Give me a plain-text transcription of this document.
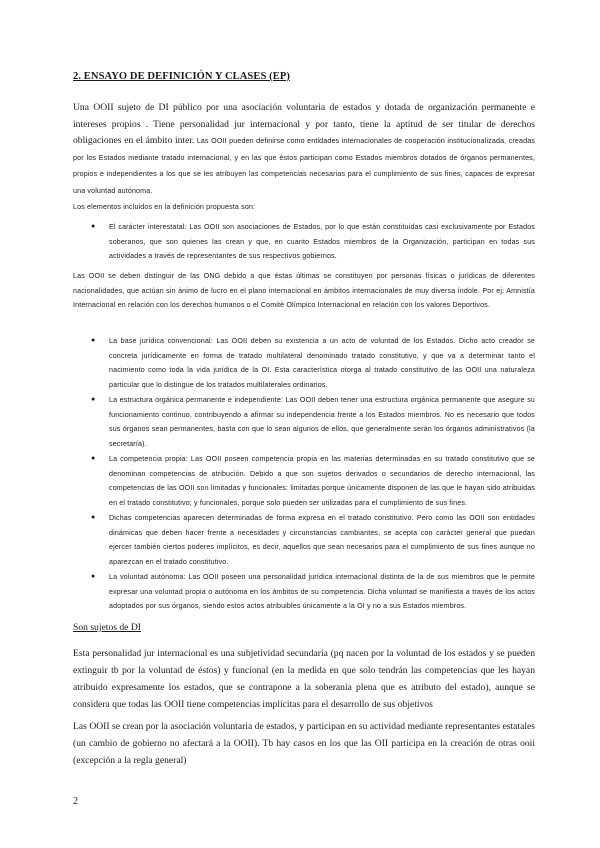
2. ENSAYO DE DEFINICIÓN Y CLASES (EP)

Una OOII sujeto de DI público por una asociación voluntaria de estados y dotada de organización permanente e intereses propios . Tiene personalidad jur internacional y por tanto, tiene la aptitud de ser titular de derechos obligaciones en el ámbito inter. Las OOII pueden definirse como entidades internacionales de cooperación institucionalizada, creadas por los Estados mediante tratado internacional, y en las que éstos participan como Estados miembros dotados de órganos permanentes, propios e independientes a los que se les atribuyen las competencias necesarias para el cumplimiento de sus fines, capaces de expresar una voluntad autónoma.

Los elementos incluidos en la definición propuesta son:

● El carácter interestatal: Las OOII son asociaciones de Estados, por lo que están constituidas casi exclusivamente por Estados soberanos, que son quienes las crean y que, en cuanto Estados miembros de la Organización, participan en todas sus actividades a través de representantes de sus respectivos gobiernos.

Las OOII se deben distinguir de las ONG debido a que éstas últimas se constituyen por personas físicas o jurídicas de diferentes nacionalidades, que actúan sin ánimo de lucro en el plano internacional en ámbitos internacionales de muy diversa índole. Por ej: Amnistía Internacional en relación con los derechos humanos o el Comité Olímpico Internacional en relación con los valores Deportivos.

● La base jurídica convencional: Las OOII deben su existencia a un acto de voluntad de los Estados. Dicho acto creador se concreta jurídicamente en forma de tratado multilateral denominado tratado constitutivo, y que va a determinar tanto el nacimiento como toda la vida jurídica de la OI. Esta característica otorga al tratado constitutivo de las OOII una naturaleza particular que lo distingue de los tratados multilaterales ordinarios.
● La estructura orgánica permanente e independiente: Las OOII deben tener una estructura orgánica permanente que asegure su funcionamiento continuo, contribuyendo a afirmar su independencia frente a los Estados miembros. No es necesario que todos sus órganos sean permanentes, basta con que lo sean algunos de ellos, que generalmente serán los órganos administrativos (la secretaría).
● La competencia propia: Las OOII poseen competencia propia en las materias determinadas en su tratado constitutivo que se denominan competencias de atribución. Debido a que son sujetos derivados o secundarios de derecho internacional, las competencias de las OOII son limitadas y funcionales: limitadas porque únicamente disponen de las que le hayan sido atribuidas en el tratado constitutivo; y funcionales, porque solo pueden ser utilizadas para el cumplimiento de sus fines.
● Dichas competencias aparecen determinadas de forma expresa en el tratado constitutivo. Pero como las OOII son entidades dinámicas que deben hacer frente a necesidades y circunstancias cambiantes, se acepta con carácter general que puedan ejercer también ciertos poderes implícitos, es decir, aquellos que sean necesarios para el cumplimiento de sus fines aunque no aparezcan en el tratado constitutivo.
● La voluntad autónoma: Las OOII poseen una personalidad jurídica internacional distinta de la de sus miembros que le permite expresar una voluntad propia o autónoma en los ámbitos de su competencia. Dicha voluntad se manifiesta a través de los actos adoptados por sus órganos, siendo estos actos atribuibles únicamente a la OI y no a sus Estados miembros.

Son sujetos de DI

Esta personalidad jur internacional es una subjetividad secundaria (pq nacen por la voluntad de los estados y se pueden extinguir tb por la voluntad de éstos) y funcional (en la medida en que solo tendrán las competencias que les hayan atribuido expresamente los estados, que se contrapone a la soberanía plena que es atributo del estado), aunque se considera que todas las OOII tiene competencias implícitas para el desarrollo de sus objetivos

Las OOII se crean por la asociación voluntaria de estados, y participan en su actividad mediante representantes estatales (un cambio de gobierno no afectará a la OOII). Tb hay casos en los que las OII participa en la creación de otras ooii (excepción a la regla general)

2
